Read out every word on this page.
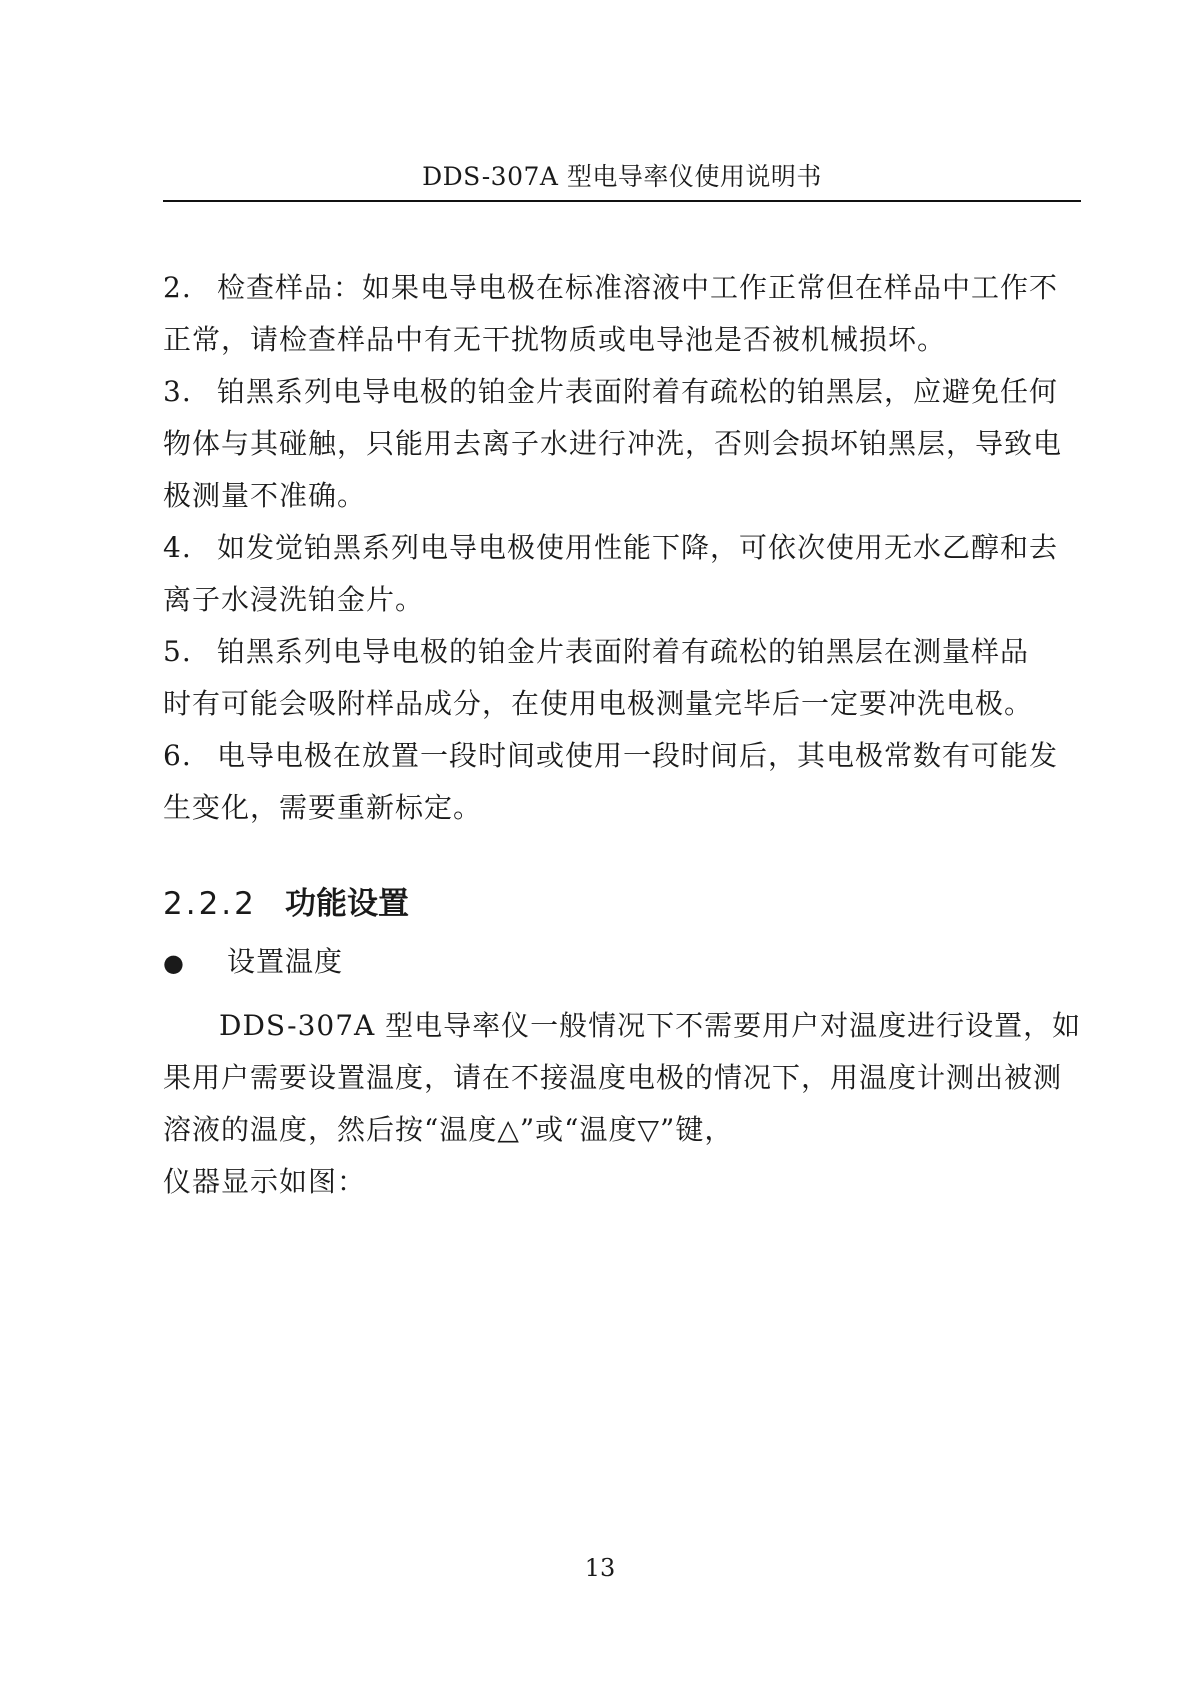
DDS-307A 型电导率仪使用说明书
2. 检查样品：如果电导电极在标准溶液中工作正常但在样品中工作不
正常，请检查样品中有无干扰物质或电导池是否被机械损坏。
3. 铂黑系列电导电极的铂金片表面附着有疏松的铂黑层，应避免任何
物体与其碰触，只能用去离子水进行冲洗，否则会损坏铂黑层，导致电
极测量不准确。
4. 如发觉铂黑系列电导电极使用性能下降，可依次使用无水乙醇和去
离子水浸洗铂金片。
5. 铂黑系列电导电极的铂金片表面附着有疏松的铂黑层在测量样品
时有可能会吸附样品成分，在使用电极测量完毕后一定要冲洗电极。
6. 电导电极在放置一段时间或使用一段时间后，其电极常数有可能发
生变化，需要重新标定。
2.2.2 功能设置
● 设置温度
DDS-307A 型电导率仪一般情况下不需要用户对温度进行设置，如
果用户需要设置温度，请在不接温度电极的情况下，用温度计测出被测
溶液的温度，然后按“温度△”或“温度▽”键，
仪器显示如图：
13
